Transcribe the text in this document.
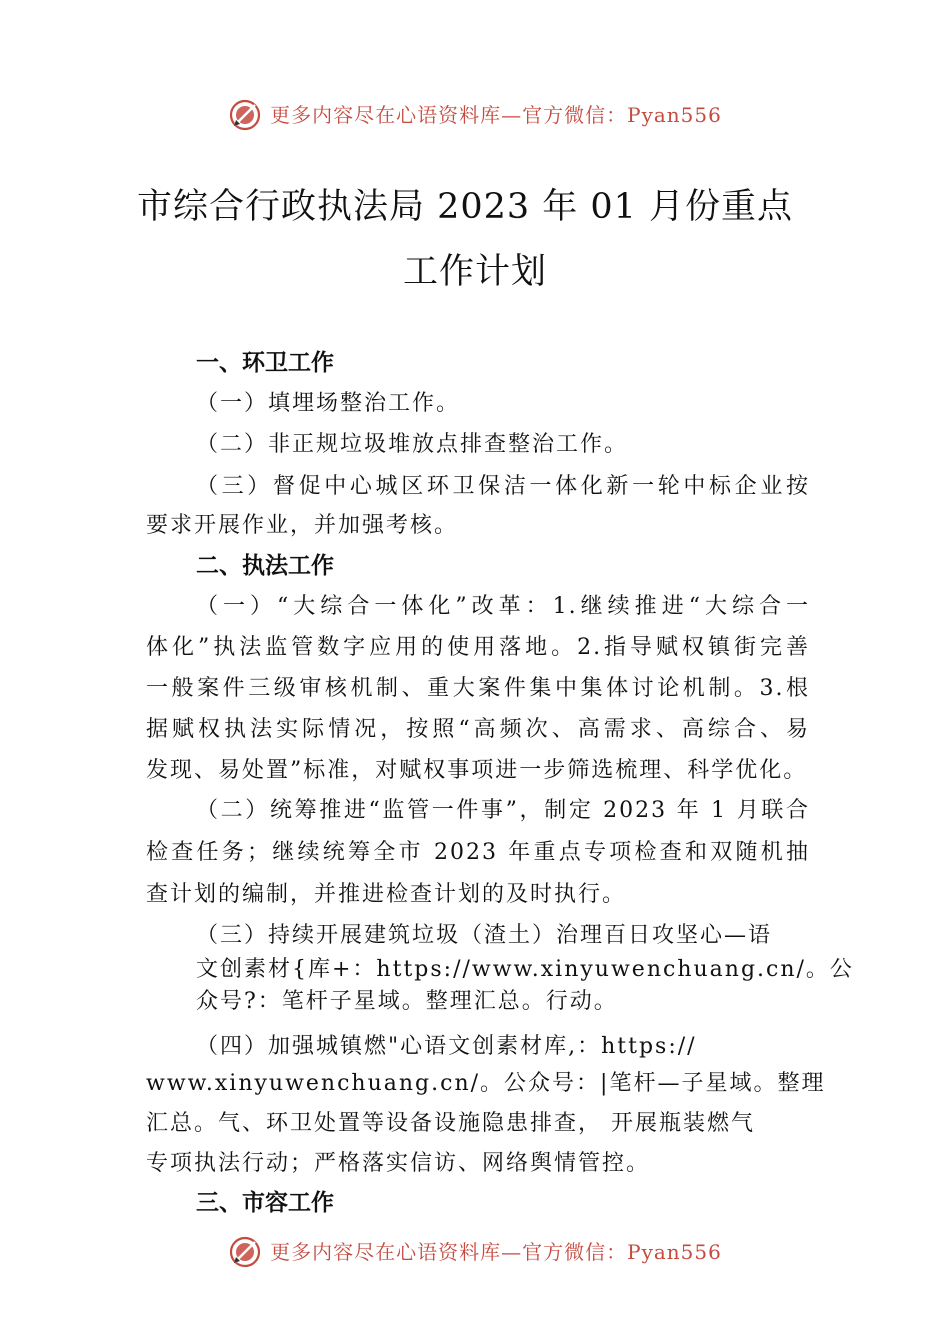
更多内容尽在心语资料库—官方微信：Pyan556
市综合行政执法局 2023 年 01 月份重点
工作计划
一、环卫工作
（一）填埋场整治工作。
（二）非正规垃圾堆放点排查整治工作。
（三）督促中心城区环卫保洁一体化新一轮中标企业按
要求开展作业，并加强考核。
二、执法工作
（一）“大综合一体化”改革：1.继续推进“大综合一
体化”执法监管数字应用的使用落地。2.指导赋权镇街完善
一般案件三级审核机制、重大案件集中集体讨论机制。3.根
据赋权执法实际情况，按照“高频次、高需求、高综合、易
发现、易处置”标准，对赋权事项进一步筛选梳理、科学优化。
（二）统筹推进“监管一件事”，制定 2023 年 1 月联合
检查任务；继续统筹全市 2023 年重点专项检查和双随机抽
查计划的编制，并推进检查计划的及时执行。
（三）持续开展建筑垃圾（渣土）治理百日攻坚心—语
文创素材{库+：https://www.xinyuwenchuang.cn/。公
众号?：笔杆子星域。整理汇总。行动。
（四）加强城镇燃"心语文创素材库,：https://
www.xinyuwenchuang.cn/。公众号：|笔杆—子星域。整理
汇总。气、环卫处置等设备设施隐患排查， 开展瓶装燃气
专项执法行动；严格落实信访、网络舆情管控。
三、市容工作
更多内容尽在心语资料库—官方微信：Pyan556
